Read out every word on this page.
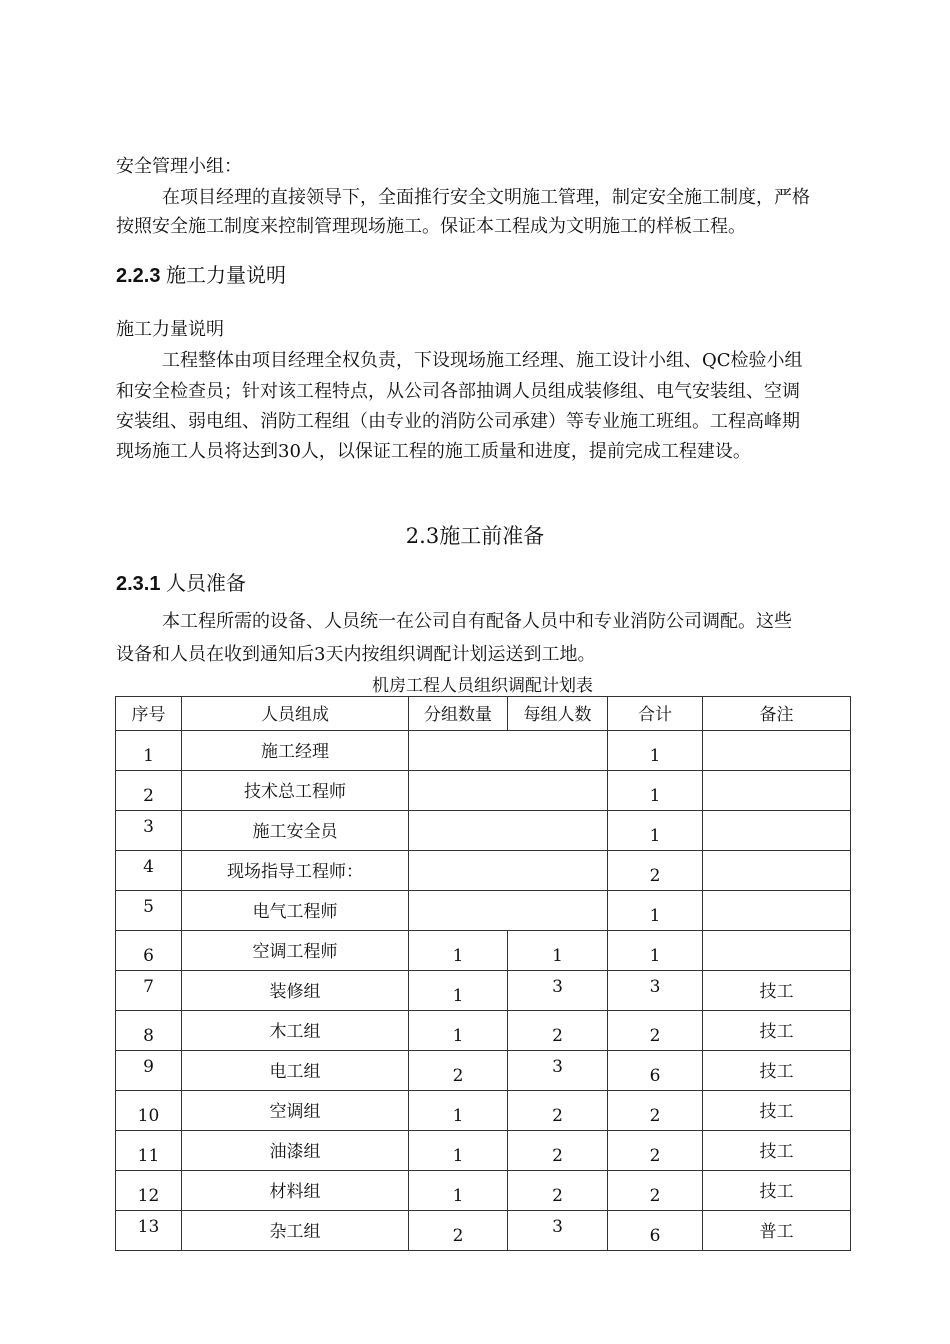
安全管理小组：
在项目经理的直接领导下，全面推行安全文明施工管理，制定安全施工制度，严格
按照安全施工制度来控制管理现场施工。保证本工程成为文明施工的样板工程。
2.2.3 施工力量说明
施工力量说明
工程整体由项目经理全权负责，下设现场施工经理、施工设计小组、QC检验小组
和安全检查员；针对该工程特点，从公司各部抽调人员组成装修组、电气安装组、空调
安装组、弱电组、消防工程组（由专业的消防公司承建）等专业施工班组。工程高峰期
现场施工人员将达到30人，以保证工程的施工质量和进度，提前完成工程建设。
2.3施工前准备
2.3.1 人员准备
本工程所需的设备、人员统一在公司自有配备人员中和专业消防公司调配。这些
设备和人员在收到通知后3天内按组织调配计划运送到工地。
机房工程人员组织调配计划表
序号	人员组成	分组数量	每组人数	合计	备注
1	施工经理			1	
2	技术总工程师			1	
3	施工安全员			1	
4	现场指导工程师：			2	
5	电气工程师			1	
6	空调工程师	1	1	1	
7	装修组	1	3	3	技工
8	木工组	1	2	2	技工
9	电工组	2	3	6	技工
10	空调组	1	2	2	技工
11	油漆组	1	2	2	技工
12	材料组	1	2	2	技工
13	杂工组	2	3	6	普工
